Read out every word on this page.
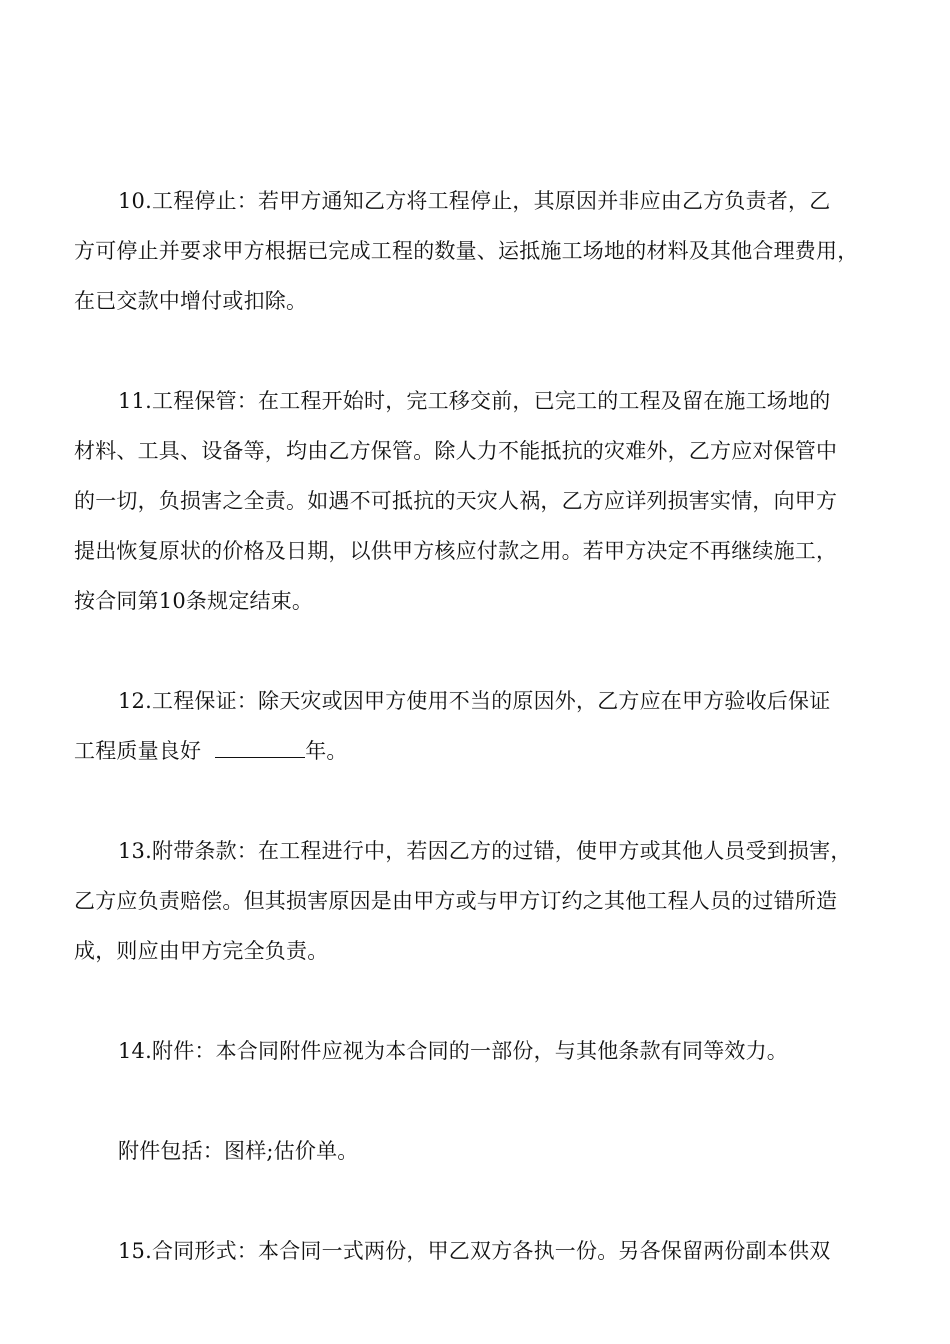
10.工程停止：若甲方通知乙方将工程停止，其原因并非应由乙方负责者，乙
方可停止并要求甲方根据已完成工程的数量、运抵施工场地的材料及其他合理费用，
在已交款中增付或扣除。
11.工程保管：在工程开始时，完工移交前，已完工的工程及留在施工场地的
材料、工具、设备等，均由乙方保管。除人力不能抵抗的灾难外，乙方应对保管中
的一切，负损害之全责。如遇不可抵抗的天灾人祸，乙方应详列损害实情，向甲方
提出恢复原状的价格及日期，以供甲方核应付款之用。若甲方决定不再继续施工，
按合同第10条规定结束。
12.工程保证：除天灾或因甲方使用不当的原因外，乙方应在甲方验收后保证
工程质量良好	年。
13.附带条款：在工程进行中，若因乙方的过错，使甲方或其他人员受到损害，
乙方应负责赔偿。但其损害原因是由甲方或与甲方订约之其他工程人员的过错所造
成，则应由甲方完全负责。
14.附件：本合同附件应视为本合同的一部份，与其他条款有同等效力。
附件包括：图样;估价单。
15.合同形式：本合同一式两份，甲乙双方各执一份。另各保留两份副本供双
